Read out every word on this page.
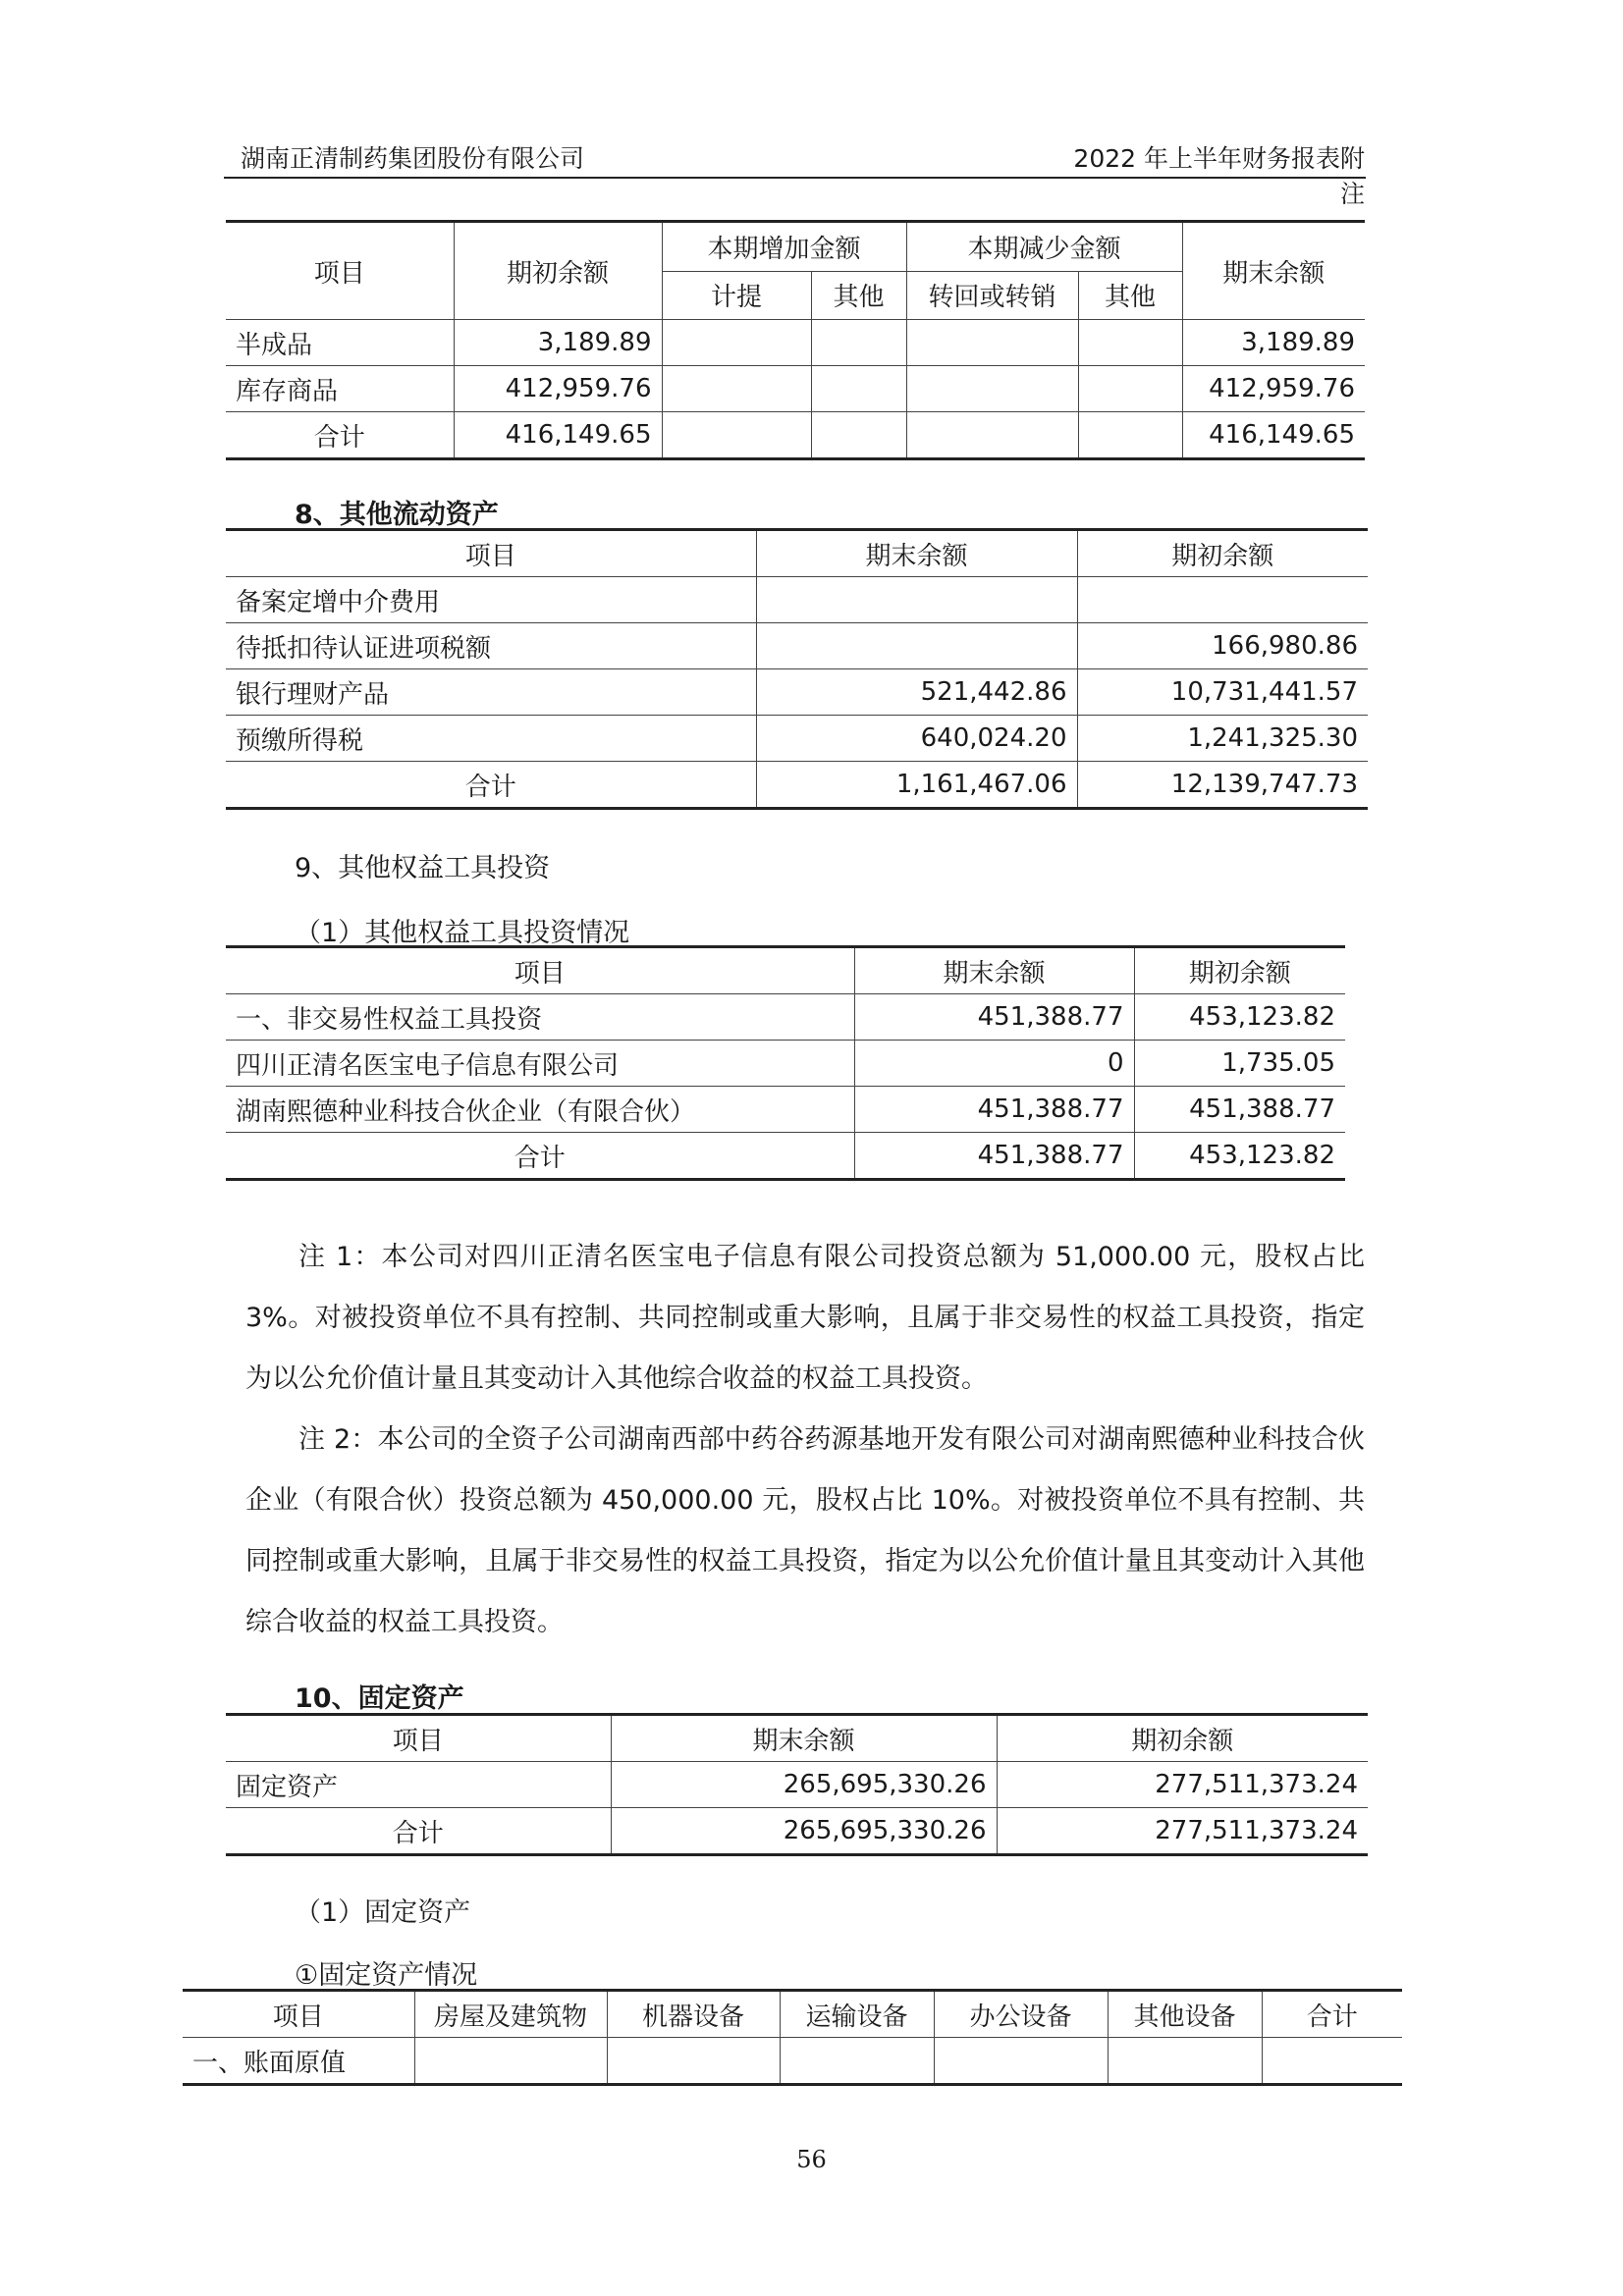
湖南正清制药集团股份有限公司	2022 年上半年财务报表附注
项目	期初余额	本期增加金额		本期减少金额		期末余额
		计提	其他	转回或转销	其他	
半成品	3,189.89					3,189.89
库存商品	412,959.76					412,959.76
合计	416,149.65					416,149.65
8、其他流动资产
项目	期末余额	期初余额
备案定增中介费用		
待抵扣待认证进项税额		166,980.86
银行理财产品	521,442.86	10,731,441.57
预缴所得税	640,024.20	1,241,325.30
合计	1,161,467.06	12,139,747.73
9、其他权益工具投资
（1）其他权益工具投资情况
项目	期末余额	期初余额
一、非交易性权益工具投资	451,388.77	453,123.82
四川正清名医宝电子信息有限公司	0	1,735.05
湖南熙德种业科技合伙企业（有限合伙）	451,388.77	451,388.77
合计	451,388.77	453,123.82

注 1：本公司对四川正清名医宝电子信息有限公司投资总额为 51,000.00 元，股权占比 3%。对被投资单位不具有控制、共同控制或重大影响，且属于非交易性的权益工具投资，指定为以公允价值计量且其变动计入其他综合收益的权益工具投资。

注 2：本公司的全资子公司湖南西部中药谷药源基地开发有限公司对湖南熙德种业科技合伙企业（有限合伙）投资总额为 450,000.00 元，股权占比 10%。对被投资单位不具有控制、共同控制或重大影响，且属于非交易性的权益工具投资，指定为以公允价值计量且其变动计入其他综合收益的权益工具投资。

10、固定资产
项目	期末余额	期初余额
固定资产	265,695,330.26	277,511,373.24
合计	265,695,330.26	277,511,373.24
（1）固定资产
①固定资产情况
项目	房屋及建筑物	机器设备	运输设备	办公设备	其他设备	合计
一、账面原值						
56
